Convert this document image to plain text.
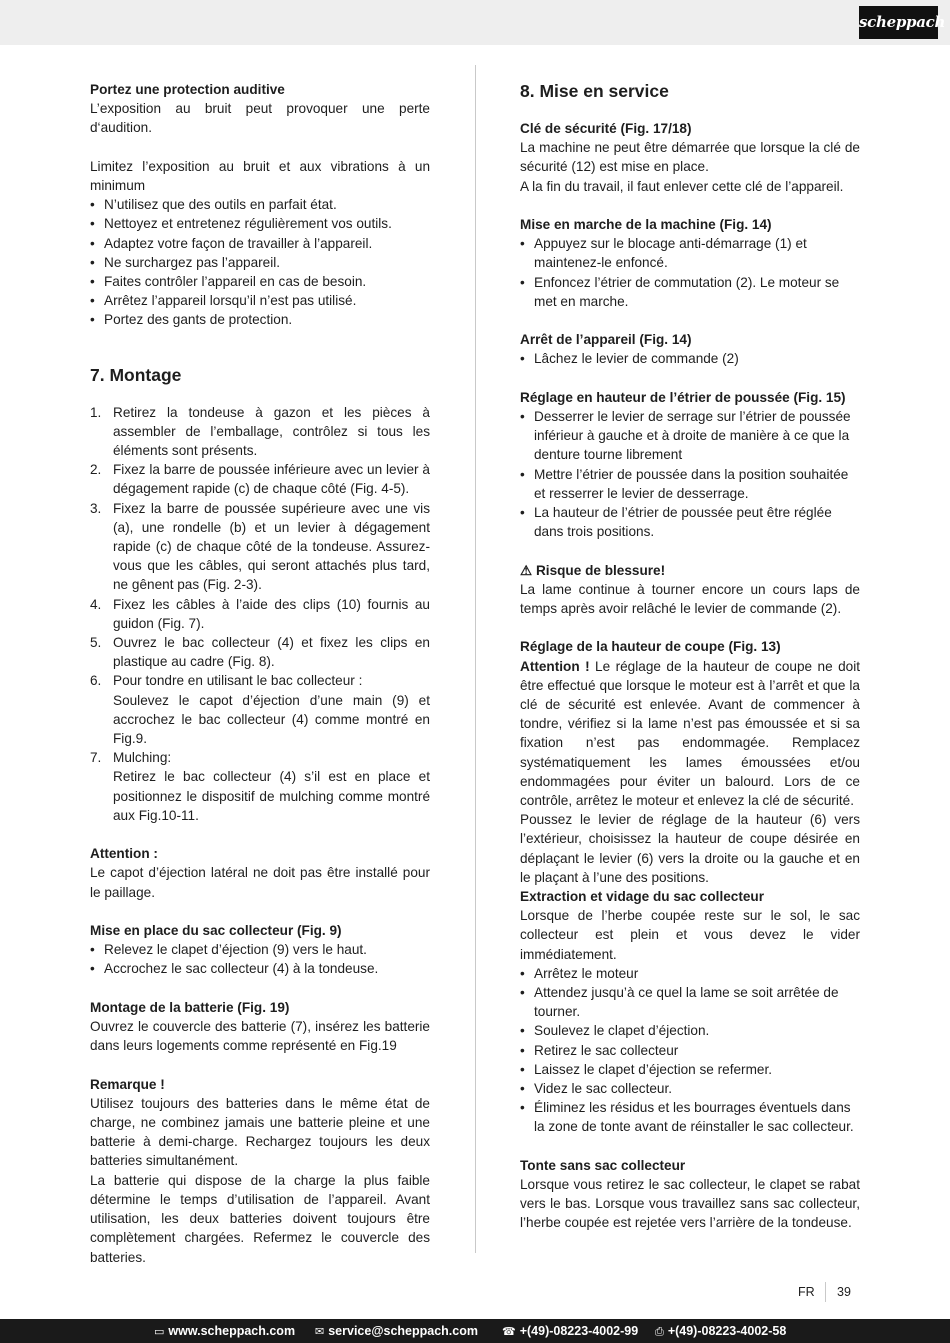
scheppach

Portez une protection auditive

L’exposition au bruit peut provoquer une perte d‘audition.

Limitez l’exposition au bruit et aux vibrations à un minimum

• N’utilisez que des outils en parfait état.
• Nettoyez et entretenez régulièrement vos outils.
• Adaptez votre façon de travailler à l’appareil.
• Ne surchargez pas l’appareil.
• Faites contrôler l’appareil en cas de besoin.
• Arrêtez l’appareil lorsqu’il n’est pas utilisé.
• Portez des gants de protection.
7. Montage
1. Retirez la tondeuse à gazon et les pièces à assembler de l’emballage, contrôlez si tous les éléments sont présents.
2. Fixez la barre de poussée inférieure avec un levier à dégagement rapide (c) de chaque côté (Fig. 4-5).
3. Fixez la barre de poussée supérieure avec une vis (a), une rondelle (b) et un levier à dégagement rapide (c) de chaque côté de la tondeuse. Assurez-vous que les câbles, qui seront attachés plus tard, ne gênent pas (Fig. 2-3).
4. Fixez les câbles à l’aide des clips (10) fournis au guidon (Fig. 7).
5. Ouvrez le bac collecteur (4) et fixez les clips en plastique au cadre (Fig. 8).
6. Pour tondre en utilisant le bac collecteur :
Soulevez le capot d’éjection d’une main (9) et accrochez le bac collecteur (4) comme montré en Fig.9.
7. Mulching:
Retirez le bac collecteur (4) s’il est en place et positionnez le dispositif de mulching comme montré aux Fig.10-11.

Attention :

Le capot d’éjection latéral ne doit pas être installé pour le paillage.

Mise en place du sac collecteur (Fig. 9)

• Relevez le clapet d’éjection (9) vers le haut.
• Accrochez le sac collecteur (4) à la tondeuse.

Montage de la batterie (Fig. 19)

Ouvrez le couvercle des batterie (7), insérez les batterie dans leurs logements comme représenté en Fig.19

Remarque !

Utilisez toujours des batteries dans le même état de charge, ne combinez jamais une batterie pleine et une batterie à demi-charge. Rechargez toujours les deux batteries simultanément.

La batterie qui dispose de la charge la plus faible détermine le temps d’utilisation de l’appareil. Avant utilisation, les deux batteries doivent toujours être complètement chargées. Refermez le couvercle des batteries.

8. Mise en service

Clé de sécurité (Fig. 17/18)

La machine ne peut être démarrée que lorsque la clé de sécurité (12) est mise en place.

A la fin du travail, il faut enlever cette clé de l’appareil.

Mise en marche de la machine (Fig. 14)

• Appuyez sur le blocage anti-démarrage (1) et maintenez-le enfoncé.
• Enfoncez l’étrier de commutation (2). Le moteur se met en marche.

Arrêt de l’appareil (Fig. 14)

• Lâchez le levier de commande (2)

Réglage en hauteur de l’étrier de poussée (Fig. 15)

• Desserrer le levier de serrage sur l’étrier de poussée inférieur à gauche et à droite de manière à ce que la denture tourne librement
• Mettre l’étrier de poussée dans la position souhaitée et resserrer le levier de desserrage.
• La hauteur de l’étrier de poussée peut être réglée dans trois positions.

⚠ Risque de blessure!

La lame continue à tourner encore un cours laps de temps après avoir relâché le levier de commande (2).

Réglage de la hauteur de coupe (Fig. 13)

Attention ! Le réglage de la hauteur de coupe ne doit être effectué que lorsque le moteur est à l’arrêt et que la clé de sécurité est enlevée. Avant de commencer à tondre, vérifiez si la lame n’est pas émoussée et si sa fixation n’est pas endommagée. Remplacez systématiquement les lames émoussées et/ou endommagées pour éviter un balourd. Lors de ce contrôle, arrêtez le moteur et enlevez la clé de sécurité.

Poussez le levier de réglage de la hauteur (6) vers l’extérieur, choisissez la hauteur de coupe désirée en déplaçant le levier (6) vers la droite ou la gauche et en le plaçant à l’une des positions.

Extraction et vidage du sac collecteur

Lorsque de l’herbe coupée reste sur le sol, le sac collecteur est plein et vous devez le vider immédiatement.

• Arrêtez le moteur
• Attendez jusqu’à ce quel la lame se soit arrêtée de tourner.
• Soulevez le clapet d’éjection.
• Retirez le sac collecteur
• Laissez le clapet d’éjection se refermer.
• Videz le sac collecteur.
• Éliminez les résidus et les bourrages éventuels dans la zone de tonte avant de réinstaller le sac collecteur.

Tonte sans sac collecteur

Lorsque vous retirez le sac collecteur, le clapet se rabat vers le bas. Lorsque vous travaillez sans sac collecteur, l’herbe coupée est rejetée vers l’arrière de la tondeuse.

FR 39
▭ www.scheppach.com ✉ service@scheppach.com ☎ +(49)-08223-4002-99 ⎙ +(49)-08223-4002-58
